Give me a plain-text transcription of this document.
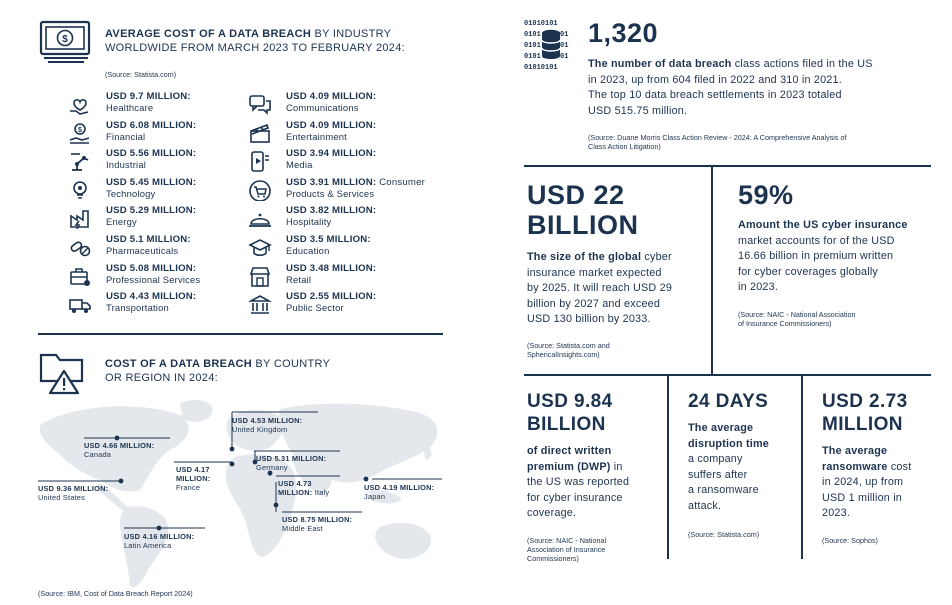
$	AVERAGE COST OF A DATA BREACH BY INDUSTRY
WORLDWIDE FROM MARCH 2023 TO FEBRUARY 2024:
(Source: Statista.com)
USD 9.7 MILLION:
Healthcare
$	USD 6.08 MILLION:
Financial
USD 5.56 MILLION:
Industrial
USD 5.45 MILLION:
Technology
USD 5.29 MILLION:
Energy
USD 5.1 MILLION:
Pharmaceuticals
USD 5.08 MILLION:
Professional Services
USD 4.43 MILLION:
Transportation
USD 4.09 MILLION:
Communications
USD 4.09 MILLION:
Entertainment
USD 3.94 MILLION:
Media
USD 3.91 MILLION: Consumer
Products & Services
USD 3.82 MILLION:
Hospitality
USD 3.5 MILLION:
Education
USD 3.48 MILLION:
Retail
USD 2.55 MILLION:
Public Sector
COST OF A DATA BREACH BY COUNTRY
OR REGION IN 2024:
USD 4.66 MILLION:
Canada
USD 9.36 MILLION:
United States
USD 4.16 MILLION:
Latin America
USD 4.53 MILLION:
United Kingdom
USD 4.17
MILLION:
France
USD 5.31 MILLION:
Germany
USD 4.73
MILLION: Italy
USD 8.75 MILLION:
Middle East
USD 4.19 MILLION:
Japan
(Source: IBM, Cost of Data Breach Report 2024)
01010101
0101	01
0101	01
0101	01
01010101
1,320
The number of data breach class actions filed in the US
in 2023, up from 604 filed in 2022 and 310 in 2021.
The top 10 data breach settlements in 2023 totaled
USD 515.75 million.
(Source: Duane Morris Class Action Review - 2024: A Comprehensive Analysis of
Class Action Litigation)
USD 22
BILLION
The size of the global cyber
insurance market expected
by 2025. It will reach USD 29
billion by 2027 and exceed
USD 130 billion by 2033.
(Source: Statista.com and
SphericalInsights.com)
59%
Amount the US cyber insurance
market accounts for of the USD
16.66 billion in premium written
for cyber coverages globally
in 2023.
(Source: NAIC - National Association
of Insurance Commissioners)
USD 9.84
BILLION
of direct written
premium (DWP) in
the US was reported
for cyber insurance
coverage.
(Source: NAIC - National
Association of Insurance
Commissioners)
24 DAYS
The average
disruption time
a company
suffers after
a ransomware
attack.
(Source: Statista.com)
USD 2.73
MILLION
The average
ransomware cost
in 2024, up from
USD 1 million in
2023.
(Source: Sophos)
